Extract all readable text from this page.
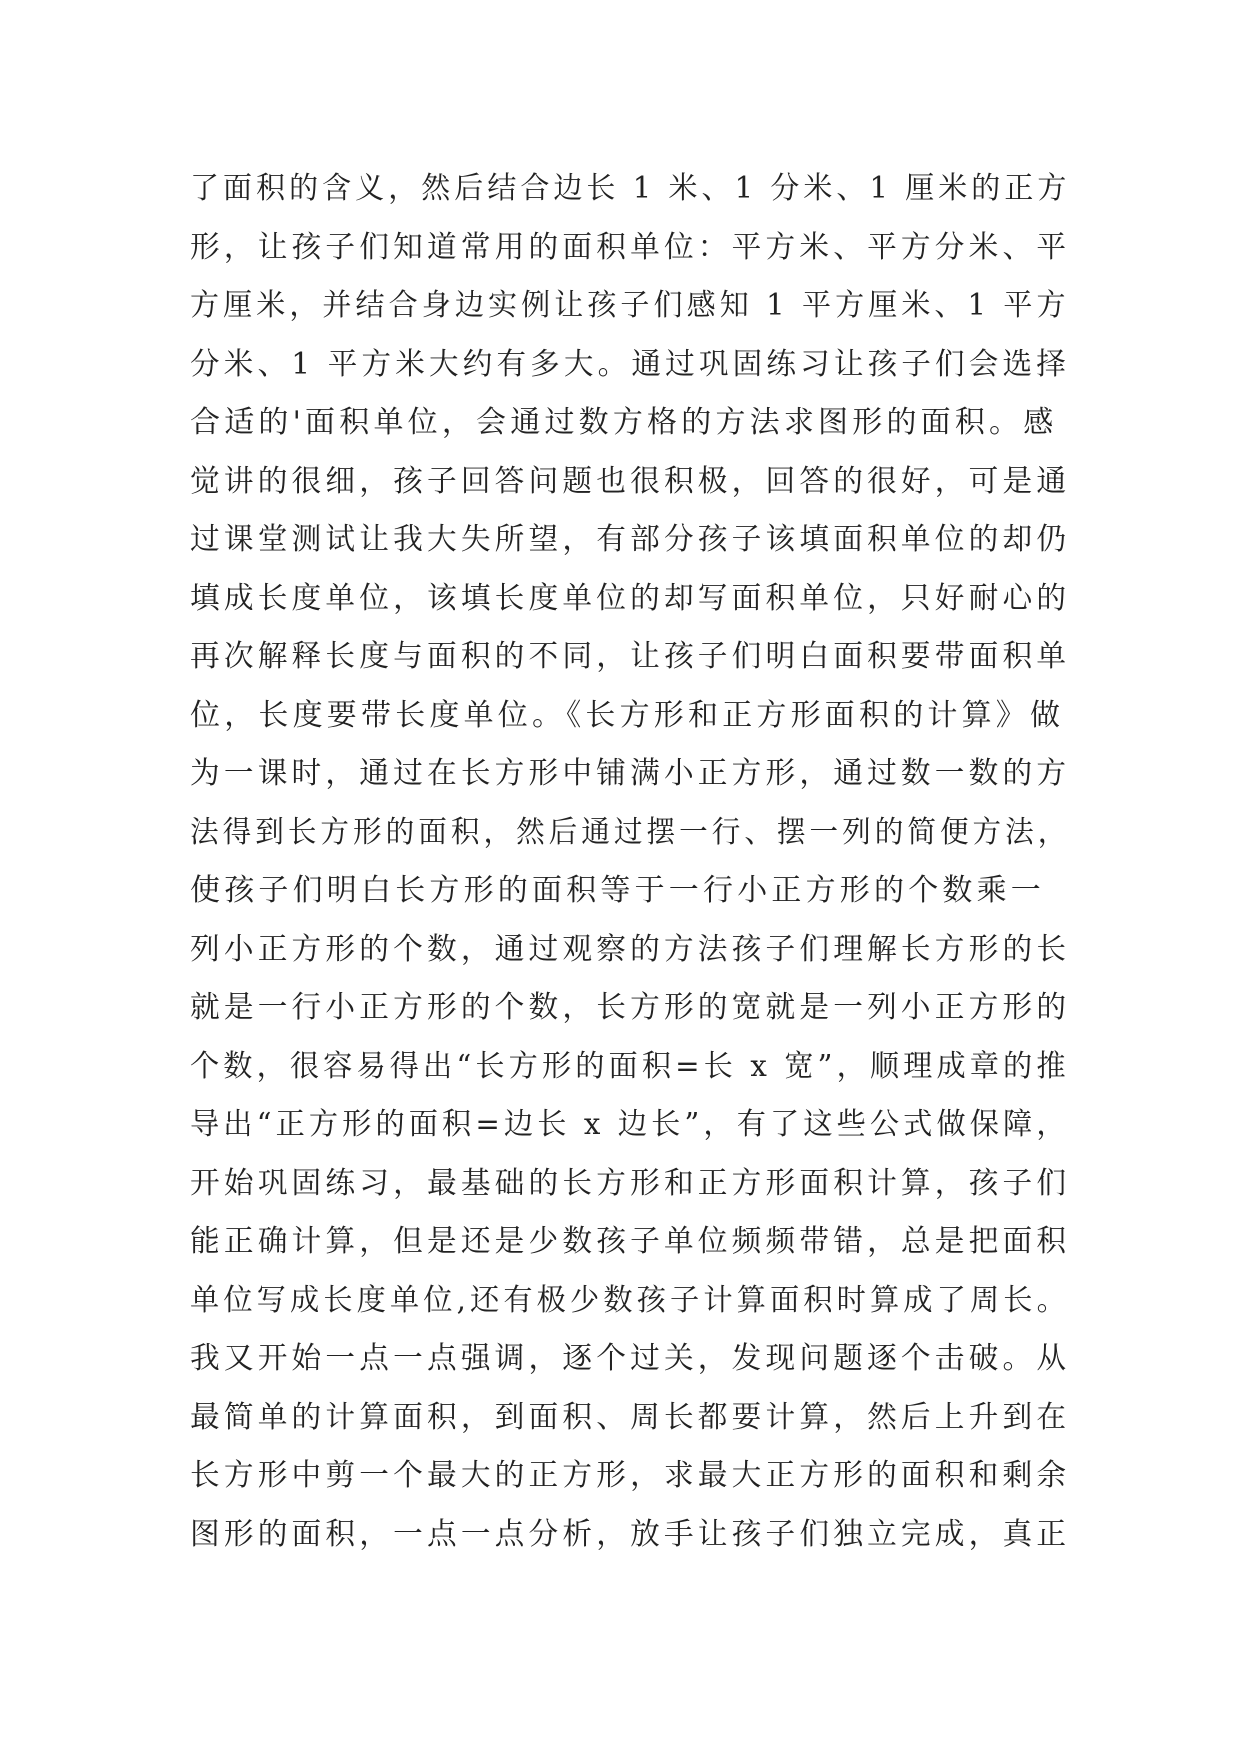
了面积的含义，然后结合边长 1 米、1 分米、1 厘米的正方
形，让孩子们知道常用的面积单位：平方米、平方分米、平
方厘米，并结合身边实例让孩子们感知 1 平方厘米、1 平方
分米、1 平方米大约有多大。通过巩固练习让孩子们会选择
合适的'面积单位，会通过数方格的方法求图形的面积。感
觉讲的很细，孩子回答问题也很积极，回答的很好，可是通
过课堂测试让我大失所望，有部分孩子该填面积单位的却仍
填成长度单位，该填长度单位的却写面积单位，只好耐心的
再次解释长度与面积的不同，让孩子们明白面积要带面积单
位，长度要带长度单位。《长方形和正方形面积的计算》做
为一课时，通过在长方形中铺满小正方形，通过数一数的方
法得到长方形的面积，然后通过摆一行、摆一列的简便方法，
使孩子们明白长方形的面积等于一行小正方形的个数乘一
列小正方形的个数，通过观察的方法孩子们理解长方形的长
就是一行小正方形的个数，长方形的宽就是一列小正方形的
个数，很容易得出“长方形的面积=长 x 宽”，顺理成章的推
导出“正方形的面积=边长 x 边长”，有了这些公式做保障，
开始巩固练习，最基础的长方形和正方形面积计算，孩子们
能正确计算，但是还是少数孩子单位频频带错，总是把面积
单位写成长度单位,还有极少数孩子计算面积时算成了周长。
我又开始一点一点强调，逐个过关，发现问题逐个击破。从
最简单的计算面积，到面积、周长都要计算，然后上升到在
长方形中剪一个最大的正方形，求最大正方形的面积和剩余
图形的面积，一点一点分析，放手让孩子们独立完成，真正
